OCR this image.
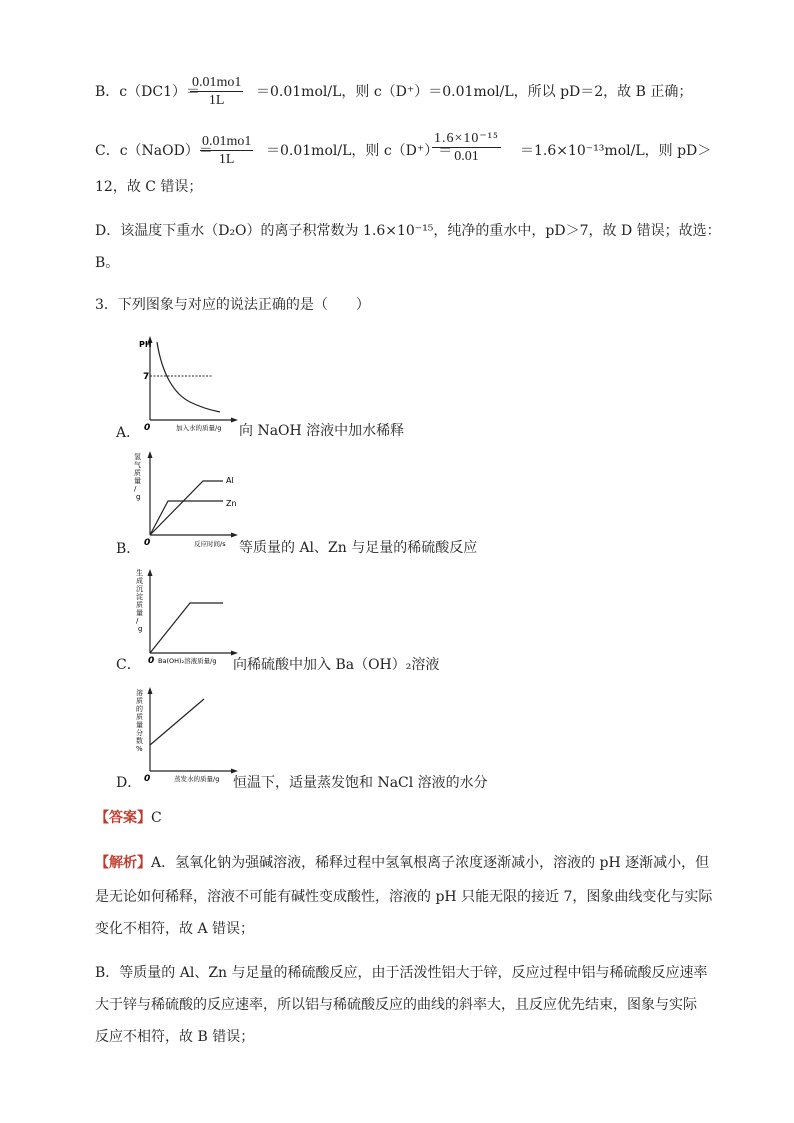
B．c（DC1）＝
$\frac{0.01mo1}{1L} =0.01mol/L$，则 c（D⁺）＝0.01mol/L，所以 pD＝2，故 B 正确；
C．c（NaOD）＝
$\frac{0.01mo1}{1L} =0.01mol/L$，则 c（D⁺）＝
$\frac{\text{1.6×10⁻¹⁵}}{0.01} =1.6\times 10^{-13}mol/L$，则 pD＞
12，故 C 错误；
D．该温度下重水（D₂O）的离子积常数为 1.6×10⁻¹⁵，纯净的重水中，pD＞7，故 D 错误；故选：
B。
3．下列图象与对应的说法正确的是（　　）
A．
PH
7
0	加入水的质量/g 向 NaOH 溶液中加水稀释
B．
氢气质量/g
Al
Zn
0	反应时间/s 等质量的 Al、Zn 与足量的稀硫酸反应
C．
生成沉淀质量/g
0 Ba(OH)₂溶液质量/g 向稀硫酸中加入 Ba（OH）₂溶液
D．
溶质的质量分数%
0	蒸发水的质量/g 恒温下，适量蒸发饱和 NaCl 溶液的水分
【答案】C
【解析】A．氢氧化钠为强碱溶液，稀释过程中氢氧根离子浓度逐渐减小，溶液的 pH 逐渐减小，但
是无论如何稀释，溶液不可能有碱性变成酸性，溶液的 pH 只能无限的接近 7，图象曲线变化与实际
变化不相符，故 A 错误；
B．等质量的 Al、Zn 与足量的稀硫酸反应，由于活泼性铝大于锌，反应过程中铝与稀硫酸反应速率
大于锌与稀硫酸的反应速率，所以铝与稀硫酸反应的曲线的斜率大，且反应优先结束，图象与实际
反应不相符，故 B 错误；
